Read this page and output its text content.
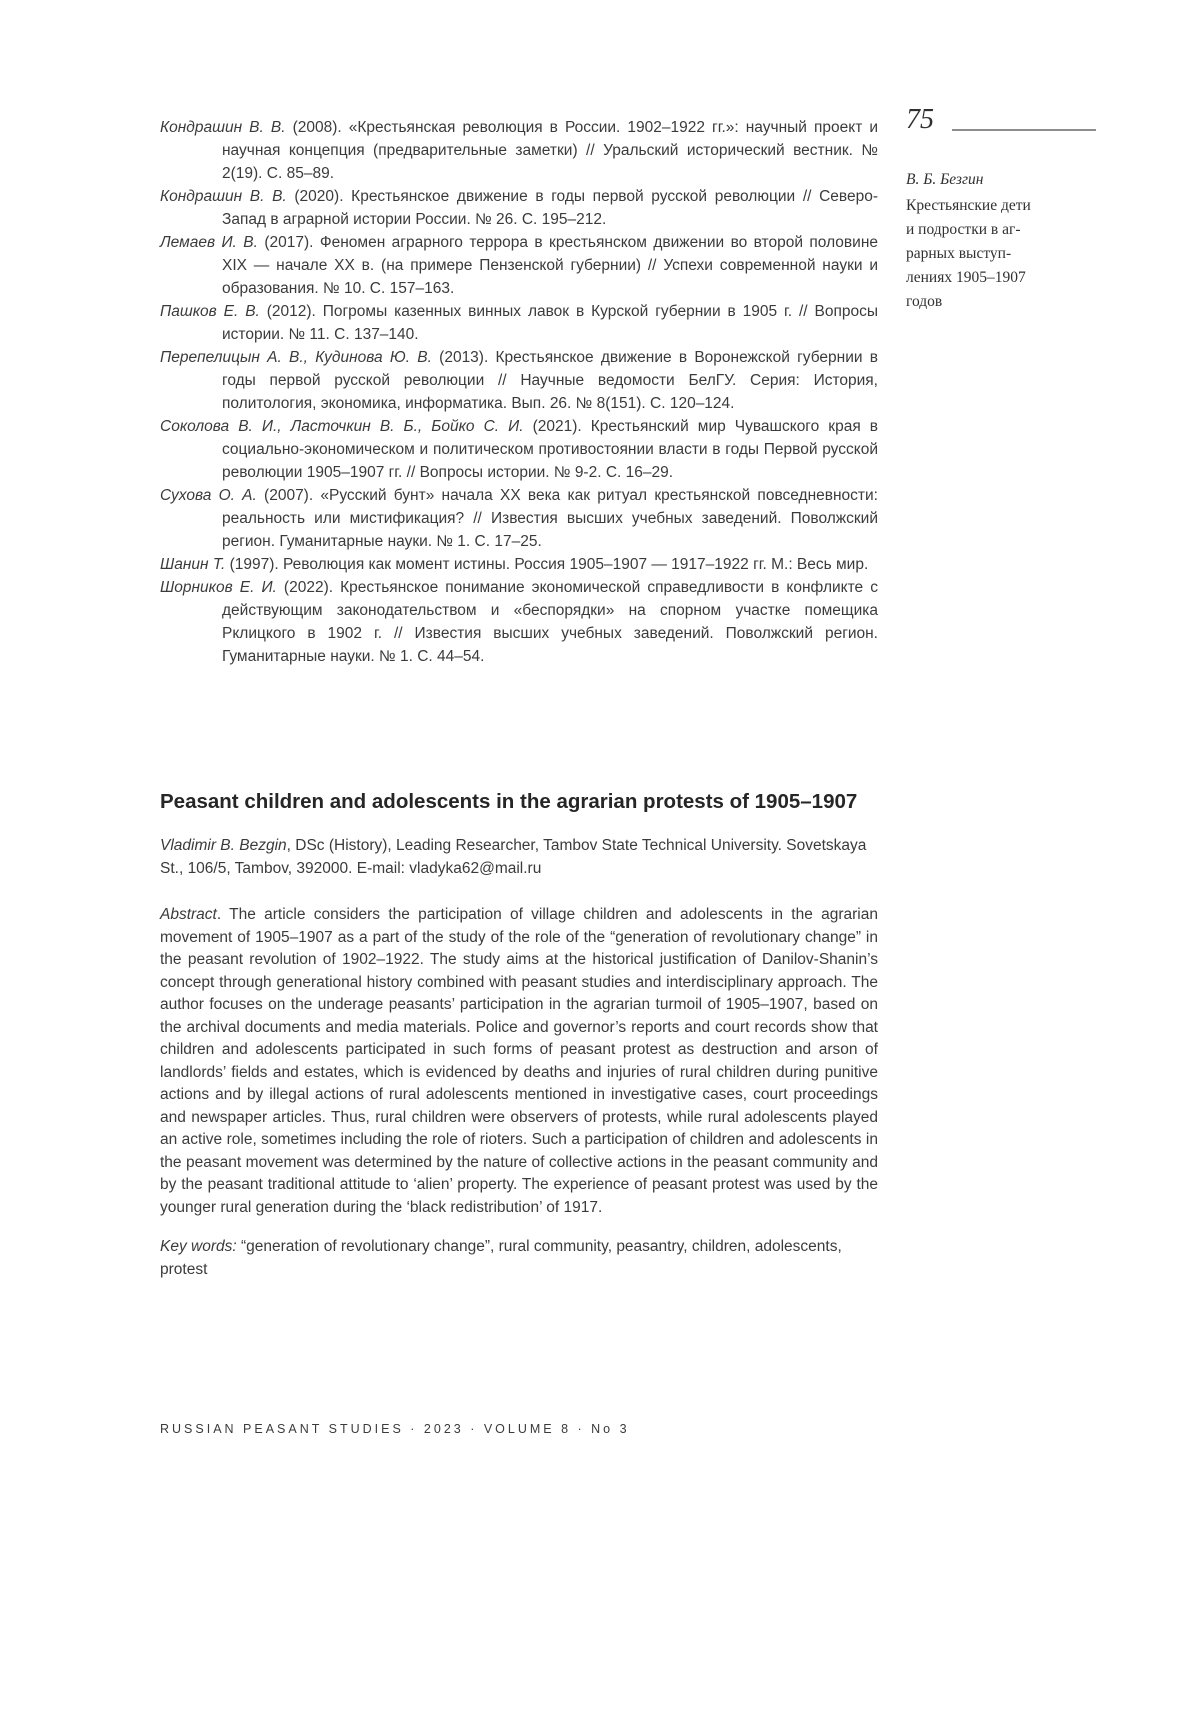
75
В. Б. Безгин
Крестьянские дети
и подростки в аг-
рарных выступ-
лениях 1905–1907
годов
Кондрашин В. В. (2008). «Крестьянская революция в России. 1902–1922 гг.»: научный проект и научная концепция (предварительные заметки) // Уральский исторический вестник. № 2(19). С. 85–89.
Кондрашин В. В. (2020). Крестьянское движение в годы первой русской революции // Северо-Запад в аграрной истории России. № 26. С. 195–212.
Лемаев И. В. (2017). Феномен аграрного террора в крестьянском движении во второй половине XIX — начале XX в. (на примере Пензенской губернии) // Успехи современной науки и образования. № 10. С. 157–163.
Пашков Е. В. (2012). Погромы казенных винных лавок в Курской губернии в 1905 г. // Вопросы истории. № 11. С. 137–140.
Перепелицын А. В., Кудинова Ю. В. (2013). Крестьянское движение в Воронежской губернии в годы первой русской революции // Научные ведомости БелГУ. Серия: История, политология, экономика, информатика. Вып. 26. № 8(151). С. 120–124.
Соколова В. И., Ласточкин В. Б., Бойко С. И. (2021). Крестьянский мир Чувашского края в социально-экономическом и политическом противостоянии власти в годы Первой русской революции 1905–1907 гг. // Вопросы истории. № 9-2. С. 16–29.
Сухова О. А. (2007). «Русский бунт» начала XX века как ритуал крестьянской повседневности: реальность или мистификация? // Известия высших учебных заведений. Поволжский регион. Гуманитарные науки. № 1. С. 17–25.
Шанин Т. (1997). Революция как момент истины. Россия 1905–1907 — 1917–1922 гг. М.: Весь мир.
Шорников Е. И. (2022). Крестьянское понимание экономической справедливости в конфликте с действующим законодательством и «беспорядки» на спорном участке помещика Рклицкого в 1902 г. // Известия высших учебных заведений. Поволжский регион. Гуманитарные науки. № 1. С. 44–54.
Peasant children and adolescents in the agrarian protests of 1905–1907

Vladimir B. Bezgin, DSc (History), Leading Researcher, Tambov State Technical University. Sovetskaya St., 106/5, Tambov, 392000. E-mail: vladyka62@mail.ru

Abstract. The article considers the participation of village children and adolescents in the agrarian movement of 1905–1907 as a part of the study of the role of the “generation of revolutionary change” in the peasant revolution of 1902–1922. The study aims at the historical justification of Danilov-Shanin’s concept through generational history combined with peasant studies and interdisciplinary approach. The author focuses on the underage peasants’ participation in the agrarian turmoil of 1905–1907, based on the archival documents and media materials. Police and governor’s reports and court records show that children and adolescents participated in such forms of peasant protest as destruction and arson of landlords’ fields and estates, which is evidenced by deaths and injuries of rural children during punitive actions and by illegal actions of rural adolescents mentioned in investigative cases, court proceedings and newspaper articles. Thus, rural children were observers of protests, while rural adolescents played an active role, sometimes including the role of rioters. Such a participation of children and adolescents in the peasant movement was determined by the nature of collective actions in the peasant community and by the peasant traditional attitude to ‘alien’ property. The experience of peasant protest was used by the younger rural generation during the ‘black redistribution’ of 1917.

Key words: “generation of revolutionary change”, rural community, peasantry, children, adolescents, protest

RUSSIAN PEASANT STUDIES · 2023 · VOLUME 8 · No 3
